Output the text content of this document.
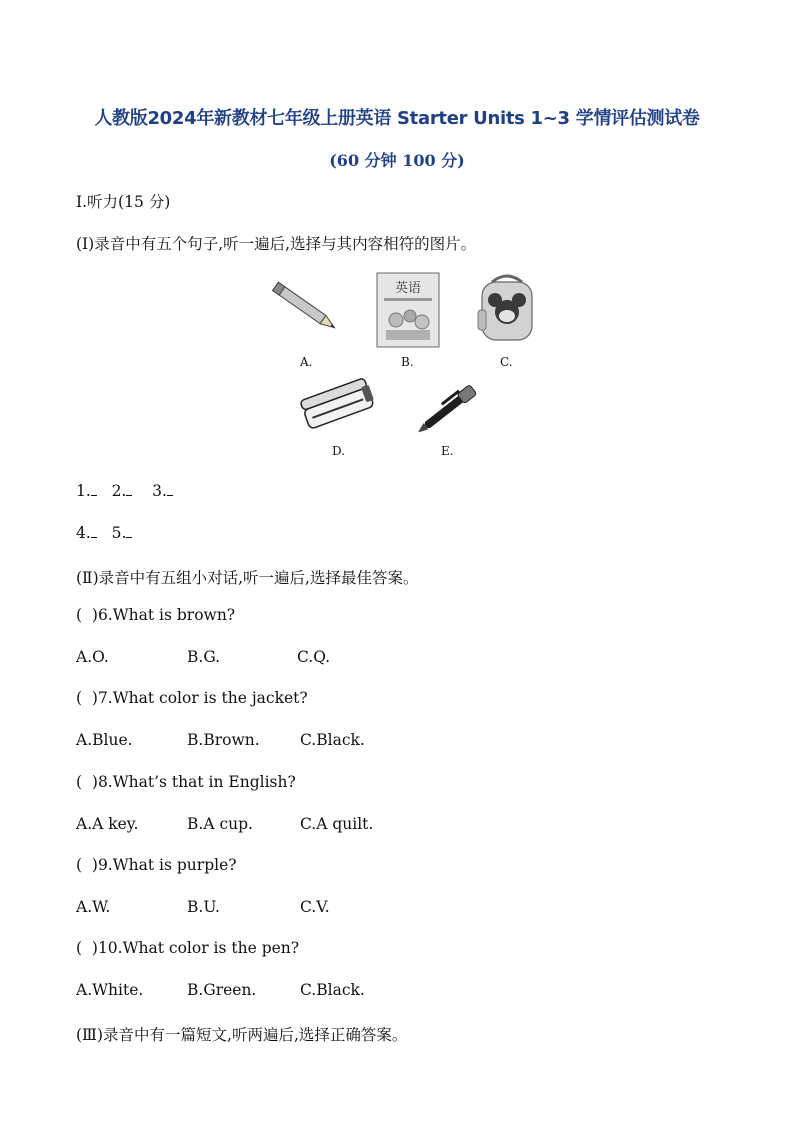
人教版2024年新教材七年级上册英语 Starter Units 1~3 学情评估测试卷
(60 分钟 100 分)
Ⅰ.听力(15 分)
(Ⅰ)录音中有五个句子,听一遍后,选择与其内容相符的图片。
A.
英语
B.	C.
D.	E.
1. 2. 3.
4. 5.
(Ⅱ)录音中有五组小对话,听一遍后,选择最佳答案。
(  )6.What is brown?
A.O.	B.G.	C.Q.
(  )7.What color is the jacket?
A.Blue.	B.Brown.	C.Black.
(  )8.What’s that in English?
A.A key.	B.A cup.	C.A quilt.
(  )9.What is purple?
A.W.	B.U.	C.V.
(  )10.What color is the pen?
A.White.	B.Green.	C.Black.
(Ⅲ)录音中有一篇短文,听两遍后,选择正确答案。
